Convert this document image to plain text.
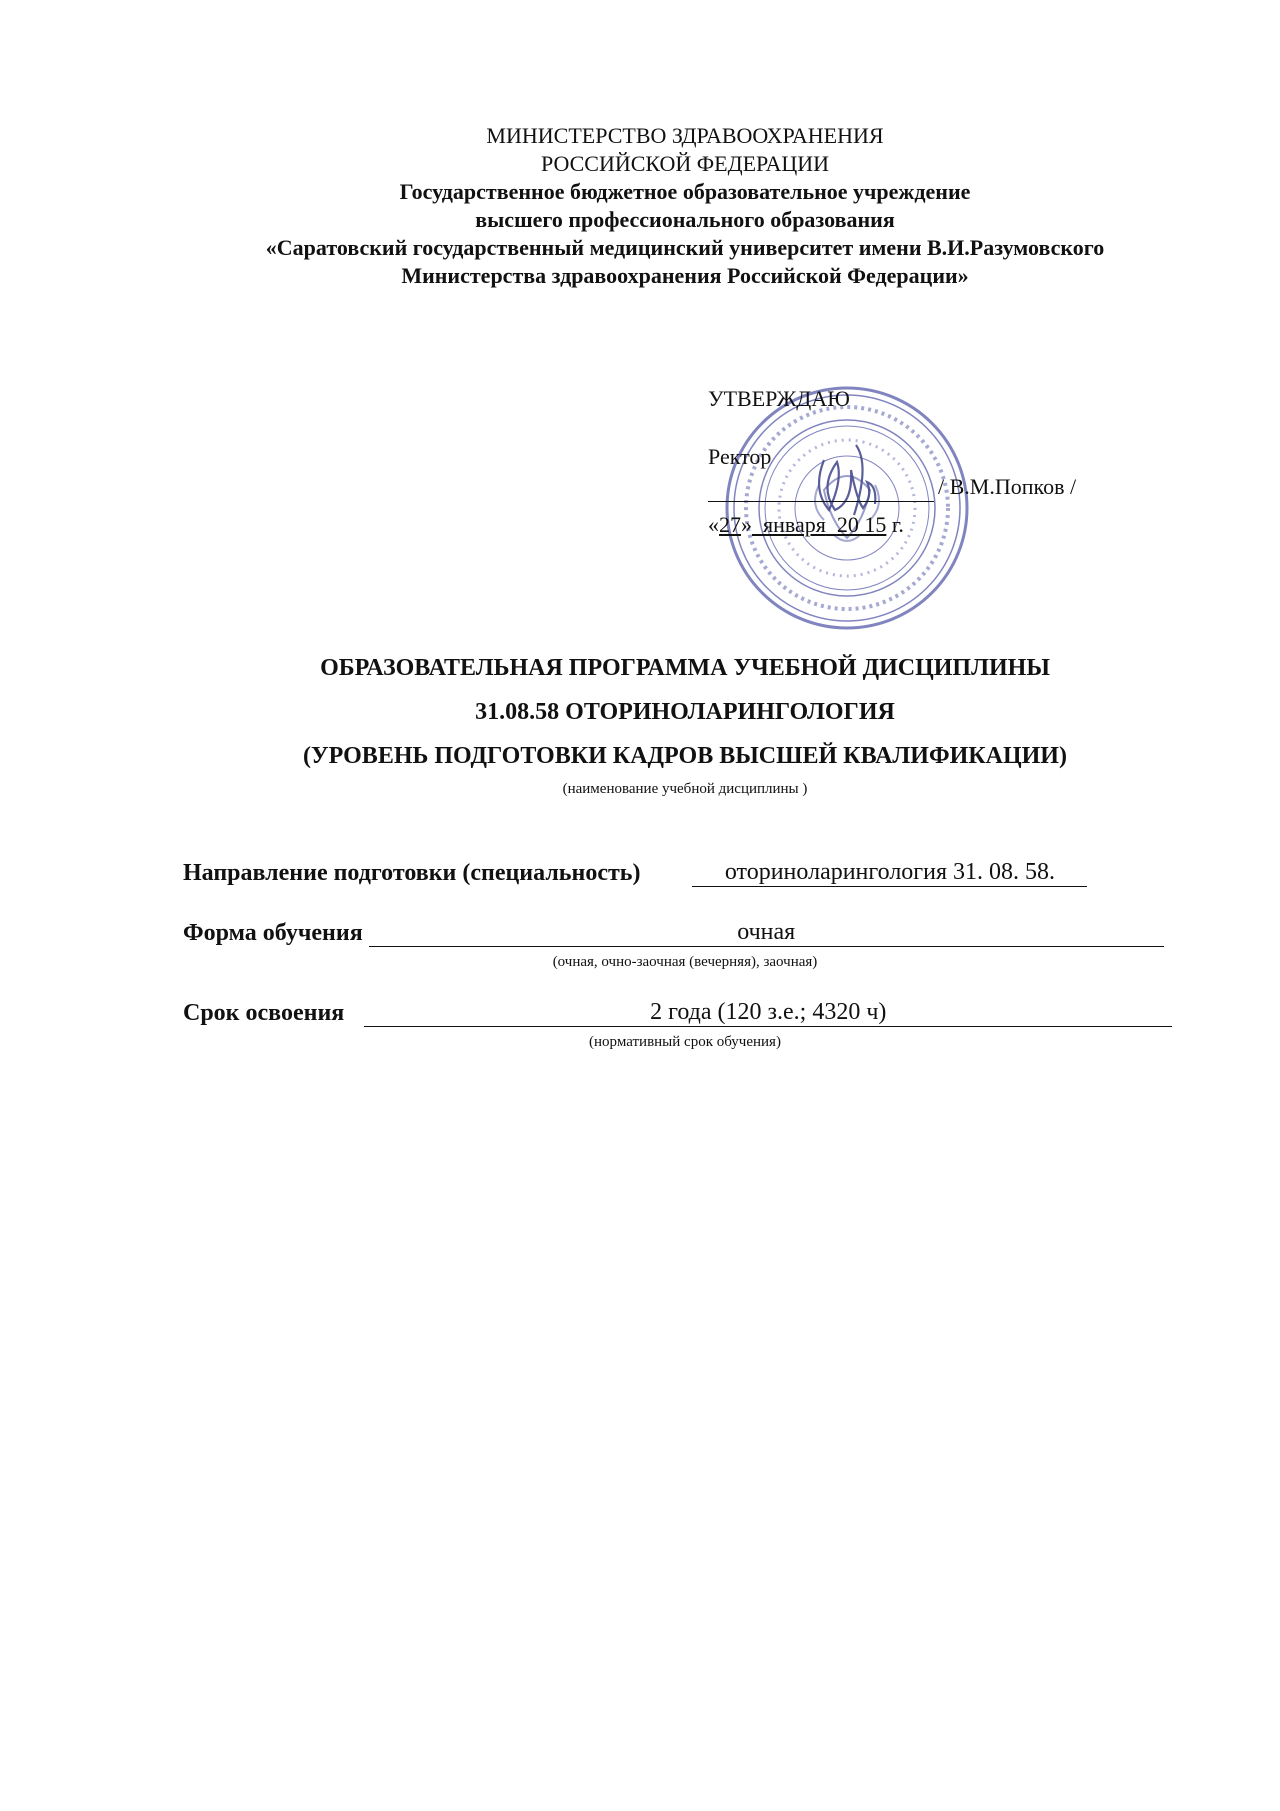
МИНИСТЕРСТВО ЗДРАВООХРАНЕНИЯ
РОССИЙСКОЙ ФЕДЕРАЦИИ
Государственное бюджетное образовательное учреждение
высшего профессионального образования
«Саратовский государственный медицинский университет имени В.И.Разумовского
Министерства здравоохранения Российской Федерации»
УТВЕРЖДАЮ
Ректор
/ В.М.Попков /
«27» января 20 15 г.
ОБРАЗОВАТЕЛЬНАЯ ПРОГРАММА УЧЕБНОЙ ДИСЦИПЛИНЫ
31.08.58 ОТОРИНОЛАРИНГОЛОГИЯ
(УРОВЕНЬ ПОДГОТОВКИ КАДРОВ ВЫСШЕЙ КВАЛИФИКАЦИИ)
(наименование учебной дисциплины )
Направление подготовки (специальность)	оториноларингология 31. 08. 58.
Форма обучения	очная
(очная, очно-заочная (вечерняя), заочная)
Срок освоения	2 года (120 з.е.; 4320 ч)
(нормативный срок обучения)
